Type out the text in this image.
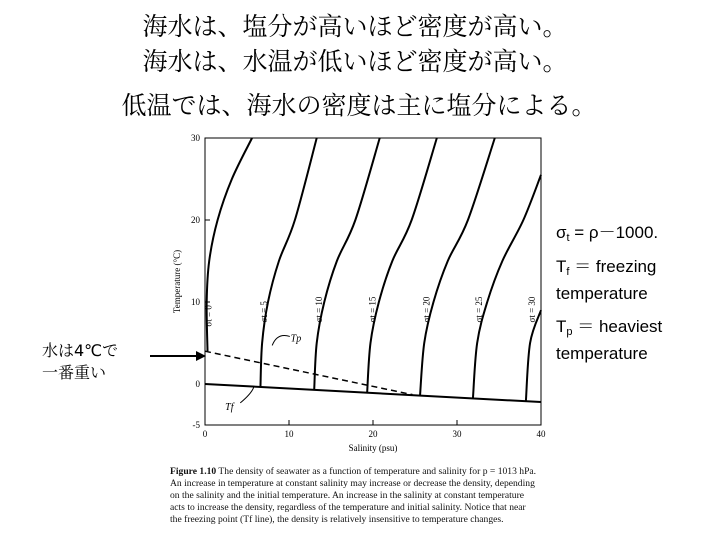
海水は、塩分が高いほど密度が高い。
海水は、水温が低いほど密度が高い。
低温では、海水の密度は主に塩分による。
0	10	20	30	40
-5
0
10
20
30
Salinity (psu)
Temperature (°C)
σt = 0	σt = 5	σt = 10	σt = 15	σt = 20	σt = 25	σt = 30
Tp
Tf
$\sigma_t = \rho-1000$.
$T_f$ ＝ freezing
temperature
$T_p$ ＝ heaviest
temperature
水は4℃で
一番重い
Figure 1.10 The density of seawater as a function of temperature and salinity for p = 1013 hPa.
An increase in temperature at constant salinity may increase or decrease the density, depending
on the salinity and the initial temperature. An increase in the salinity at constant temperature
acts to increase the density, regardless of the temperature and initial salinity. Notice that near
the freezing point (Tf line), the density is relatively insensitive to temperature changes.
